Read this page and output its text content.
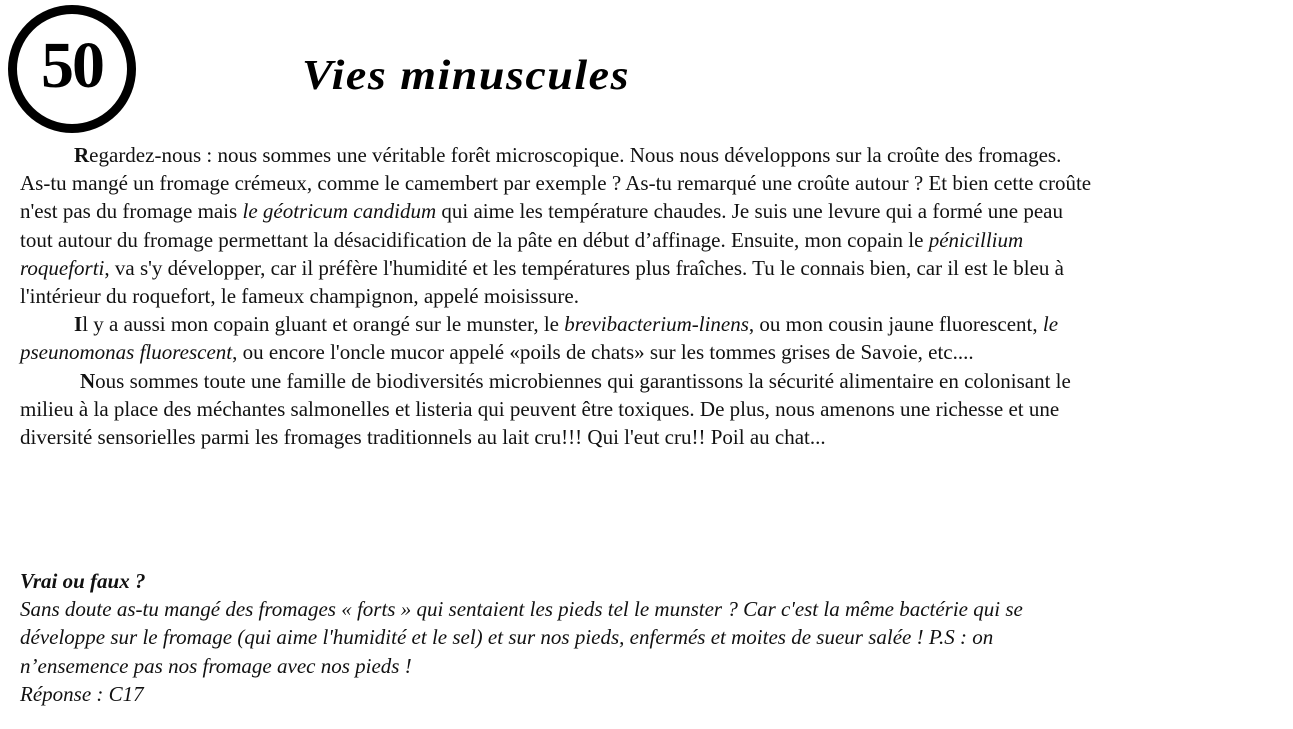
50	Vies minuscules

Regardez-nous : nous sommes une véritable forêt microscopique. Nous nous développons sur la croûte des fromages. As-tu mangé un fromage crémeux, comme le camembert par exemple ? As-tu remarqué une croûte autour ? Et bien cette croûte n'est pas du fromage mais le géotricum candidum qui aime les température chaudes. Je suis une levure qui a formé une peau tout autour du fromage permettant la désacidification de la pâte en début d’affinage. Ensuite, mon copain le pénicillium roqueforti, va s'y développer, car il préfère l'humidité et les températures plus fraîches. Tu le connais bien, car il est le bleu à l'intérieur du roquefort, le fameux champignon, appelé moisissure.

Il y a aussi mon copain gluant et orangé sur le munster, le brevibacterium-linens, ou mon cousin jaune fluorescent, le pseunomonas fluorescent, ou encore l'oncle mucor appelé «poils de chats» sur les tommes grises de Savoie, etc....

Nous sommes toute une famille de biodiversités microbiennes qui garantissons la sécurité alimentaire en colonisant le milieu à la place des méchantes salmonelles et listeria qui peuvent être toxiques. De plus, nous amenons une richesse et une diversité sensorielles parmi les fromages traditionnels au lait cru!!! Qui l'eut cru!! Poil au chat...

Vrai ou faux ?
Sans doute as-tu mangé des fromages « forts » qui sentaient les pieds tel le munster ? Car c'est la même bactérie qui se développe sur le fromage (qui aime l'humidité et le sel) et sur nos pieds, enfermés et moites de sueur salée ! P.S : on n’ensemence pas nos fromage avec nos pieds !
Réponse : C17
